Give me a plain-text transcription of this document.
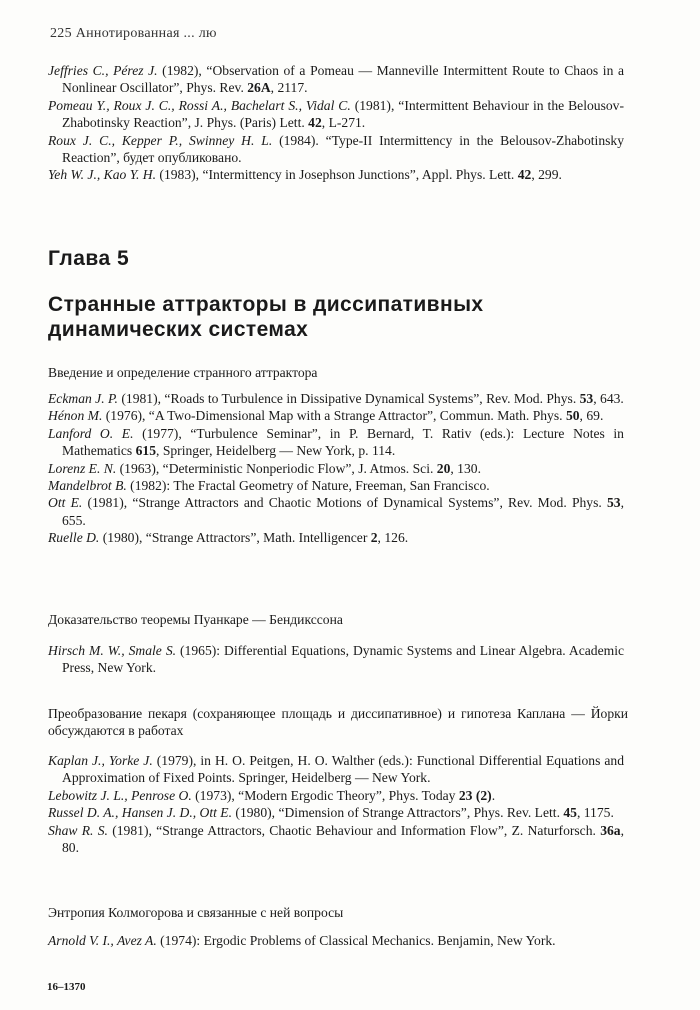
225 Аннотированная ... лю

Jeffries C., Pérez J. (1982), “Observation of a Pomeau — Manneville Intermittent Route to Chaos in a Nonlinear Oscillator”, Phys. Rev. 26A, 2117.

Pomeau Y., Roux J. C., Rossi A., Bachelart S., Vidal C. (1981), “Intermittent Behaviour in the Belousov-Zhabotinsky Reaction”, J. Phys. (Paris) Lett. 42, L-271.

Roux J. C., Kepper P., Swinney H. L. (1984). “Type-II Intermittency in the Belousov-Zhabotinsky Reaction”, будет опубликовано.

Yeh W. J., Kao Y. H. (1983), “Intermittency in Josephson Junctions”, Appl. Phys. Lett. 42, 299.

Глава 5
Странные аттракторы в диссипативных динамических системах
Введение и определение странного аттрактора

Eckman J. P. (1981), “Roads to Turbulence in Dissipative Dynamical Systems”, Rev. Mod. Phys. 53, 643.

Hénon M. (1976), “A Two-Dimensional Map with a Strange Attractor”, Commun. Math. Phys. 50, 69.

Lanford O. E. (1977), “Turbulence Seminar”, in P. Bernard, T. Rativ (eds.): Lecture Notes in Mathematics 615, Springer, Heidelberg — New York, p. 114.

Lorenz E. N. (1963), “Deterministic Nonperiodic Flow”, J. Atmos. Sci. 20, 130.

Mandelbrot B. (1982): The Fractal Geometry of Nature, Freeman, San Francisco.

Ott E. (1981), “Strange Attractors and Chaotic Motions of Dynamical Systems”, Rev. Mod. Phys. 53, 655.

Ruelle D. (1980), “Strange Attractors”, Math. Intelligencer 2, 126.

Доказательство теоремы Пуанкаре — Бендикссона

Hirsch M. W., Smale S. (1965): Differential Equations, Dynamic Systems and Linear Algebra. Academic Press, New York.

Преобразование пекаря (сохраняющее площадь и диссипативное) и гипотеза Каплана — Йорки обсуждаются в работах

Kaplan J., Yorke J. (1979), in H. O. Peitgen, H. O. Walther (eds.): Functional Differential Equations and Approximation of Fixed Points. Springer, Heidelberg — New York.

Lebowitz J. L., Penrose O. (1973), “Modern Ergodic Theory”, Phys. Today 23 (2).

Russel D. A., Hansen J. D., Ott E. (1980), “Dimension of Strange Attractors”, Phys. Rev. Lett. 45, 1175.

Shaw R. S. (1981), “Strange Attractors, Chaotic Behaviour and Information Flow”, Z. Naturforsch. 36a, 80.

Энтропия Колмогорова и связанные с ней вопросы

Arnold V. I., Avez A. (1974): Ergodic Problems of Classical Mechanics. Benjamin, New York.

16–1370
